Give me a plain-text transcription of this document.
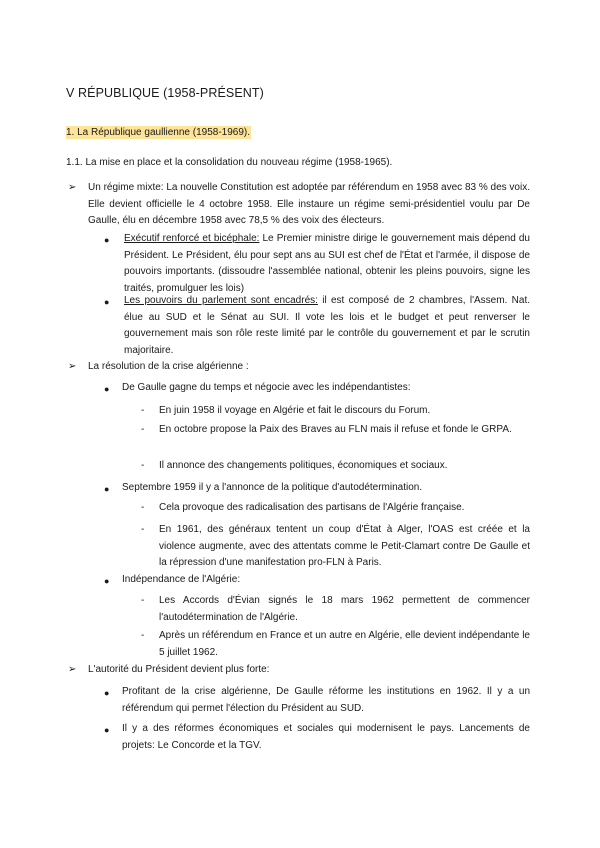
V RÉPUBLIQUE (1958-PRÉSENT)
1. La République gaullienne (1958-1969).
1.1. La mise en place et la consolidation du nouveau régime (1958-1965).
➢ Un régime mixte: La nouvelle Constitution est adoptée par référendum en 1958 avec 83 % des voix. Elle devient officielle le 4 octobre 1958. Elle instaure un régime semi-présidentiel voulu par De Gaulle, élu en décembre 1958 avec 78,5 % des voix des électeurs.
● Exécutif renforcé et bicéphale: Le Premier ministre dirige le gouvernement mais dépend du Président. Le Président, élu pour sept ans au SUI est chef de l'État et l'armée, il dispose de pouvoirs importants. (dissoudre l'assemblée national, obtenir les pleins pouvoirs, signe les traités, promulguer les lois)
● Les pouvoirs du parlement sont encadrés: il est composé de 2 chambres, l'Assem. Nat. élue au SUD et le Sénat au SUI. Il vote les lois et le budget et peut renverser le gouvernement mais son rôle reste limité par le contrôle du gouvernement et par le scrutin majoritaire.
➢ La résolution de la crise algérienne :
● De Gaulle gagne du temps et négocie avec les indépendantistes:
- En juin 1958 il voyage en Algérie et fait le discours du Forum.
- En octobre propose la Paix des Braves au FLN mais il refuse et fonde le GRPA.
- Il annonce des changements politiques, économiques et sociaux.
● Septembre 1959 il y a l'annonce de la politique d'autodétermination.
- Cela provoque des radicalisation des partisans de l'Algérie française.
- En 1961, des généraux tentent un coup d'État à Alger, l'OAS est créée et la violence augmente, avec des attentats comme le Petit-Clamart contre De Gaulle et la répression d'une manifestation pro-FLN à Paris.
● Indépendance de l'Algérie:
- Les Accords d'Évian signés le 18 mars 1962 permettent de commencer l'autodétermination de l'Algérie.
- Après un référendum en France et un autre en Algérie, elle devient indépendante le 5 juillet 1962.
➢ L'autorité du Président devient plus forte:
● Profitant de la crise algérienne, De Gaulle réforme les institutions en 1962. Il y a un référendum qui permet l'élection du Président au SUD.
● Il y a des réformes économiques et sociales qui modernisent le pays. Lancements de projets: Le Concorde et la TGV.
